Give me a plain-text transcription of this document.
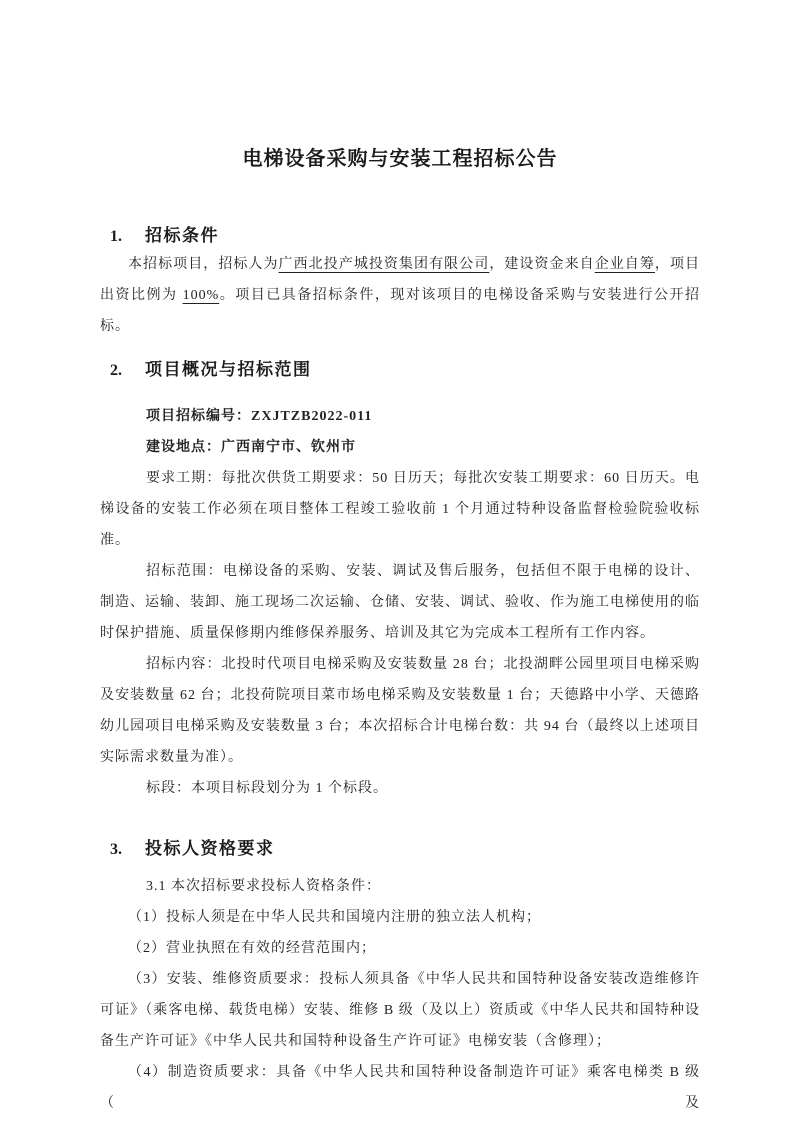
电梯设备采购与安装工程招标公告
1. 招标条件

本招标项目，招标人为广西北投产城投资集团有限公司，建设资金来自企业自筹，项目出资比例为 100%。项目已具备招标条件，现对该项目的电梯设备采购与安装进行公开招标。

2. 项目概况与招标范围

项目招标编号：ZXJTZB2022-011

建设地点：广西南宁市、钦州市

要求工期：每批次供货工期要求：50 日历天；每批次安装工期要求：60 日历天。电梯设备的安装工作必须在项目整体工程竣工验收前 1 个月通过特种设备监督检验院验收标准。

招标范围：电梯设备的采购、安装、调试及售后服务，包括但不限于电梯的设计、制造、运输、装卸、施工现场二次运输、仓储、安装、调试、验收、作为施工电梯使用的临时保护措施、质量保修期内维修保养服务、培训及其它为完成本工程所有工作内容。

招标内容：北投时代项目电梯采购及安装数量 28 台；北投湖畔公园里项目电梯采购及安装数量 62 台；北投荷院项目菜市场电梯采购及安装数量 1 台；天德路中小学、天德路幼儿园项目电梯采购及安装数量 3 台；本次招标合计电梯台数：共 94 台（最终以上述项目实际需求数量为准）。

标段：本项目标段划分为 1 个标段。

3. 投标人资格要求

3.1 本次招标要求投标人资格条件：

（1）投标人须是在中华人民共和国境内注册的独立法人机构；

（2）营业执照在有效的经营范围内；

（3）安装、维修资质要求：投标人须具备《中华人民共和国特种设备安装改造维修许可证》（乘客电梯、载货电梯）安装、维修 B 级（及以上）资质或《中华人民共和国特种设备生产许可证》《中华人民共和国特种设备生产许可证》电梯安装（含修理）；

（4）制造资质要求：具备《中华人民共和国特种设备制造许可证》乘客电梯类 B 级（及
